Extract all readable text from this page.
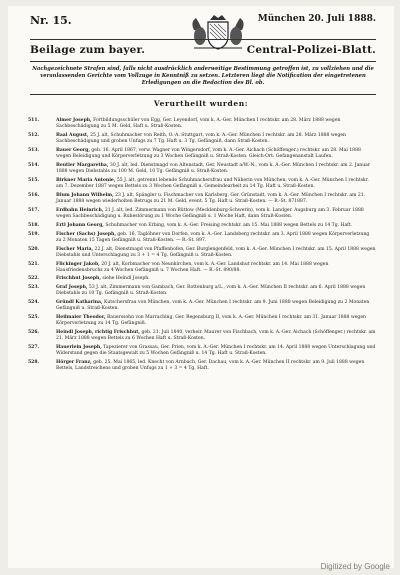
Nr. 15.	München 20. Juli 1888.
Beilage zum bayer.	Central-Polizei-Blatt.
Nachgezeichnete Strafen sind, falls nicht ausdrücklich anderweitige Bestimmung getroffen ist, zu vollziehen und die veranlassenden Gerichte vom Vollzuge in Kenntniß zu setzen. Letzteren liegt die Notification der eingetretenen Erledigungen an die Redaction des Bl. ob.
Verurtheilt wurden:
511.	Almer Joseph, Fortbildungsschüler von Egg, Ger. Leyendorf, vom k. A.-Ger. München I rechtskr. am 28. März 1888 wegen Sachbeschädigung zu 5 M. Geld, Haft u. Straß-Kosten.
512.	Baal August, 25 J. alt, Schuhmacher von Reith, O.-A. Stuttgart, vom k. A.-Ger. München I rechtskr. am 28. März 1888 wegen Sachbeschädigung und groben Unfugs zu 7 Tg. Haft u. 3 Tg. Gefängniß, dann Straß-Kosten.
513.	Bauer Georg, geb. 16. April 1867, verw. Wagner von Wingersdorf, vom k. A.-Ger. Aichach (Schöffenger.) rechtskr. am 28. Mai 1888 wegen Beleidigung und Körperverletzung zu 3 Wochen Gefängniß u. Straß-Kosten. Gleich-Ort: Gefangenanstalt Laufen.
514.	Beutler Margaretha, 30 J. alt, led. Dienstmagd von Altenstadt, Ger. Neustadt a/W.-N., vom k. A.-Ger. München I rechtskr. am 2. Januar 1888 wegen Diebstahls zu 100 M. Geld, 10 Tg. Gefängniß u. Straß-Kosten.
515.	Birkner Maria Antonie, 55 J. alt, getrennt lebende Schuhmachersfrau und Näherin von München, vom k. A.-Ger. München I rechtskr. am 7. Dezember 1887 wegen Bettels zu 3 Wochen Gefängniß u. Gemeindearbeit zu 14 Tg. Haft u. Straß-Kosten.
516.	Blum Johann Wilhelm, 23 J. alt, Spängler u. Fischmacher von Karlsberg, Ger. Grünstadt, vom k. A.-Ger. München I rechtskr. am 21. Januar 1888 wegen wiederholten Betrugs zu 21 M. Geld, event. 5 Tg. Haft u. Straß-Kosten. — R.-St. 871887.
517.	Erdbahn Heinrich, 21 J. alt, led. Zimmermann von Büttow (Mecklenburg-Schwerin), vom k. Landger. Augsburg am 3. Februar 1888 wegen Sachbeschädigung u. Ruhestörung zu 1 Woche Gefängniß u. 1 Woche Haft, dann Straß-Kosten.
518.	Ertl Johann Georg, Schuhmacher von Erbing, vom k. A.-Ger. Freising rechtskr. am 15. Mai 1888 wegen Bettels zu 14 Tg. Haft.
519.	Fischer (Sachs) Joseph, geb. 16, Taglöhner von Dorfen, vom k. A.-Ger. Landsberg rechtskr. am 3. April 1888 wegen Körperverletzung zu 2 Monaten 15 Tagen Gefängniß u. Straß-Kosten. — R.-St. 897.
520.	Fischer Maria, 22 J. alt, Dienstmagd von Pfaffenhofen, Ger. Burglengenfeld, vom k. A.-Ger. München I rechtskr. am 15. April 1888 wegen Diebstahls und Unterschlagung zu 3 + 1 = 4 Tg. Gefängniß u. Straß-Kosten.
521.	Flickinger Jakob, 20 J. alt, Korbmacher von Neunkirchen, vom k. A.-Ger. Landshut rechtskr. am 14. Mai 1888 wegen Hausfriedensbruchs zu 4 Wochen Gefängniß u. 7 Wochen Haft. — R.-St. 890/88.
522.	Frischhut Joseph, siehe Heindl Joseph.
523.	Graf Joseph, 53 J. alt, Zimmermann von Gambach, Ger. Rottenburg a/L., vom k. A.-Ger. München II rechtskr. am 6. April 1888 wegen Diebstahls zu 10 Tg. Gefängniß u. Straß-Kosten.
524.	Gründl Katharina, Kutschersfrau von München, vom k. A.-Ger. München I rechtskr. am 9. Juni 1888 wegen Beleidigung zu 2 Monaten Gefängniß u. Straß-Kosten.
525.	Heilmaier Theodor, Bauerssohn von Marraching, Ger. Regensburg II, vom k. A.-Ger. München I rechtskr. am 31. Januar 1888 wegen Körperverletzung zu 14 Tg. Gefängniß.
526.	Heindl Joseph, richtig Frischhut, geb. 21. Juli 1840, verheir. Maurer von Fischbach, vom k. A.-Ger. Aichach (Schöffenger.) rechtskr. am 21. März 1888 wegen Bettels zu 6 Wochen Haft u. Straß-Kosten.
527.	Hauerlein Joseph, Tapezierer von Grassau, Ger. Prien, vom k. A.-Ger. München I rechtskr. am 14. April 1888 wegen Unterschlagung und Widerstand gegen die Staatsgewalt zu 5 Wochen Gefängniß u. 14 Tg. Haft u. Straß-Kosten.
528.	Hörger Franz, geb. 25. Mai 1865, led. Knecht von Arnbach, Ger. Dachau, vom k. A.-Ger. München II rechtskr. am 9. Juli 1888 wegen Bettels, Landstreichens und groben Unfugs zu 1 + 3 = 4 Tg. Haft.
Digitized by Google
